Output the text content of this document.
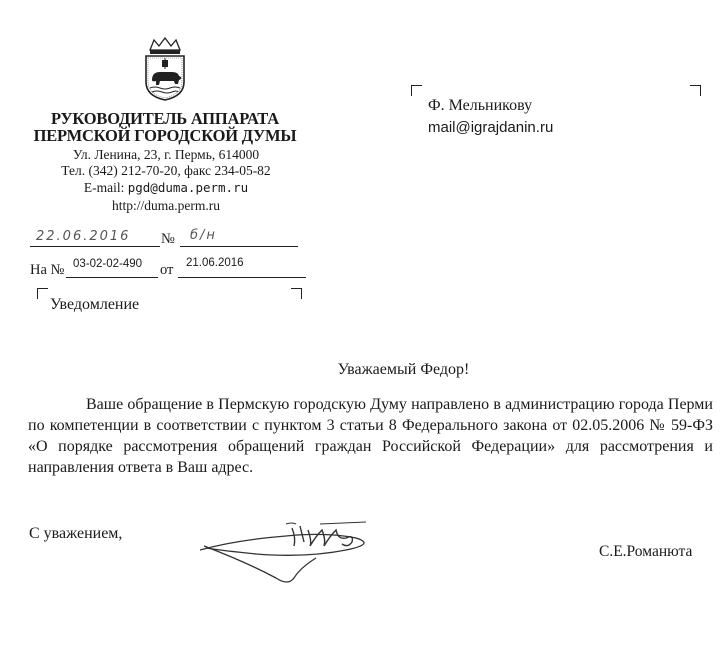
РУКОВОДИТЕЛЬ АППАРАТА
ПЕРМСКОЙ ГОРОДСКОЙ ДУМЫ
Ул. Ленина, 23, г. Пермь, 614000
Тел. (342) 212-70-20, факс 234-05-82
E-mail: pgd@duma.perm.ru
http://duma.perm.ru
22.06.2016 № б/н
На № 03-02-02-490 от 21.06.2016
Уведомление
Ф. Мельникову
mail@igrajdanin.ru
Уважаемый Федор!
Ваше обращение в Пермскую городскую Думу направлено в администрацию города Перми по компетенции в соответствии с пунктом 3 статьи 8 Федерального закона от 02.05.2006 № 59-ФЗ «О порядке рассмотрения обращений граждан Российской Федерации» для рассмотрения и направления ответа в Ваш адрес.
С уважением,
С.Е.Романюта
